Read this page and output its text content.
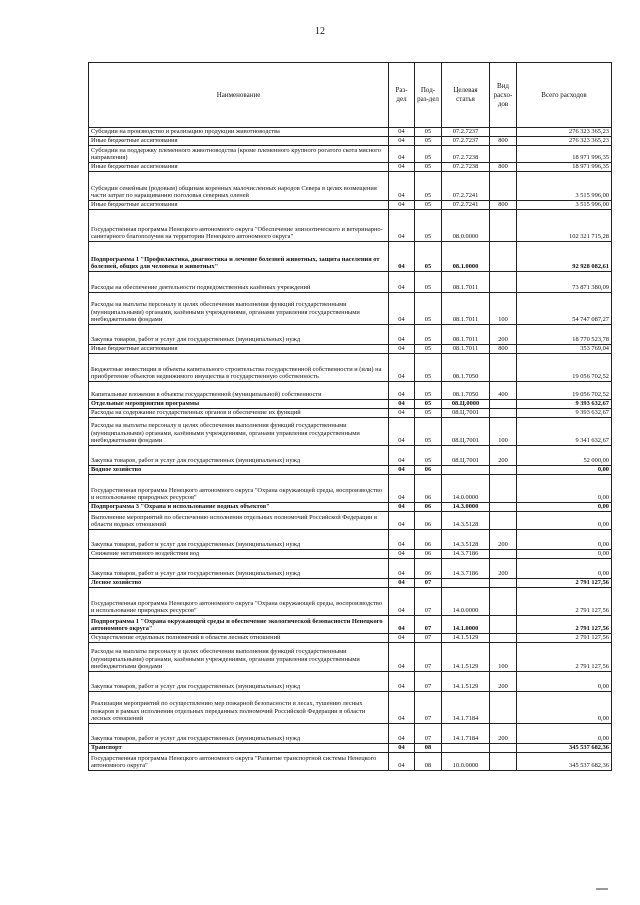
12
Наименование	Раз-дел	Под-раз-дел	Целевая статья	Вид расхо-дов	Всего расходов
Субсидии на производство и реализацию продукции животноводства	04	05	07.2.7237		276 323 365,23
Иные бюджетные ассигнования	04	05	07.2.7237	800	276 323 365,23
Субсидии на поддержку племенного животноводства (кроме племенного крупного рогатого скота мясного направления)	04	05	07.2.7238		18 971 996,35
Иные бюджетные ассигнования	04	05	07.2.7238	800	18 971 996,35
Субсидии семейным (родовым) общинам коренных малочисленных народов Севера в целях возмещения части затрат по наращиванию поголовья северных оленей	04	05	07.2.7241		3 515 996,00
Иные бюджетные ассигнования	04	05	07.2.7241	800	3 515 996,00
Государственная программа Ненецкого автономного округа "Обеспечение эпизоотического и ветеринарно-санитарного благополучия на территории Ненецкого автономного округа"	04	05	08.0.0000		102 321 715,28
Подпрограмма 1 "Профилактика, диагностика и лечение болезней животных, защита населения от болезней, общих для человека и животных"	04	05	08.1.0000		92 928 082,61
Расходы на обеспечение деятельности подведомственных казённых учреждений	04	05	08.1.7011		73 871 380,09
Расходы на выплаты персоналу в целях обеспечения выполнения функций государственными (муниципальными) органами, казёнными учреждениями, органами управления государственными внебюджетными фондами	04	05	08.1.7011	100	54 747 087,27
Закупка товаров, работ и услуг для государственных (муниципальных) нужд	04	05	08.1.7011	200	18 770 523,78
Иные бюджетные ассигнования	04	05	08.1.7011	800	353 769,04
Бюджетные инвестиции в объекты капитального строительства государственной собственности и (или) на приобретение объектов недвижимого имущества в государственную собственность	04	05	08.1.7050		19 056 702,52
Капитальные вложения в объекты государственной (муниципальной) собственности	04	05	08.1.7050	400	19 056 702,52
Отдельные мероприятия программы	04	05	08.Ц.0000		9 393 632,67
Расходы на содержание государственных органов и обеспечение их функций	04	05	08.Ц.7001		9 393 632,67
Расходы на выплаты персоналу в целях обеспечения выполнения функций государственными (муниципальными) органами, казёнными учреждениями, органами управления государственными внебюджетными фондами	04	05	08.Ц.7001	100	9 341 632,67
Закупка товаров, работ и услуг для государственных (муниципальных) нужд	04	05	08.Ц.7001	200	52 000,00
Водное хозяйство	04	06			0,00
Государственная программа Ненецкого автономного округа "Охрана окружающей среды, воспроизводство и использование природных ресурсов"	04	06	14.0.0000		0,00
Подпрограмма 3 "Охрана и использование водных объектов"	04	06	14.3.0000		0,00
Выполнение мероприятий по обеспечению исполнения отдельных полномочий Российской Федерации в области водных отношений	04	06	14.3.5128		0,00
Закупка товаров, работ и услуг для государственных (муниципальных) нужд	04	06	14.3.5128	200	0,00
Снижение негативного воздействия вод	04	06	14.3.7186		0,00
Закупка товаров, работ и услуг для государственных (муниципальных) нужд	04	06	14.3.7186	200	0,00
Лесное хозяйство	04	07			2 791 127,56
Государственная программа Ненецкого автономного округа "Охрана окружающей среды, воспроизводство и использование природных ресурсов"	04	07	14.0.0000		2 791 127,56
Подпрограмма 1 "Охрана окружающей среды и обеспечение экологической безопасности Ненецкого автономного округа"	04	07	14.1.0000		2 791 127,56
Осуществление отдельных полномочий в области лесных отношений	04	07	14.1.5129		2 791 127,56
Расходы на выплаты персоналу в целях обеспечения выполнения функций государственными (муниципальными) органами, казёнными учреждениями, органами управления государственными внебюджетными фондами	04	07	14.1.5129	100	2 791 127,56
Закупка товаров, работ и услуг для государственных (муниципальных) нужд	04	07	14.1.5129	200	0,00
Реализация мероприятий по осуществлению мер пожарной безопасности в лесах, тушению лесных пожаров в рамках исполнения отдельных переданных полномочий Российской Федерации в области лесных отношений	04	07	14.1.7184		0,00
Закупка товаров, работ и услуг для государственных (муниципальных) нужд	04	07	14.1.7184	200	0,00
Транспорт	04	08			345 537 682,36
Государственная программа Ненецкого автономного округа "Развитие транспортной системы Ненецкого автономного округа"	04	08	10.0.0000		345 537 682,36
